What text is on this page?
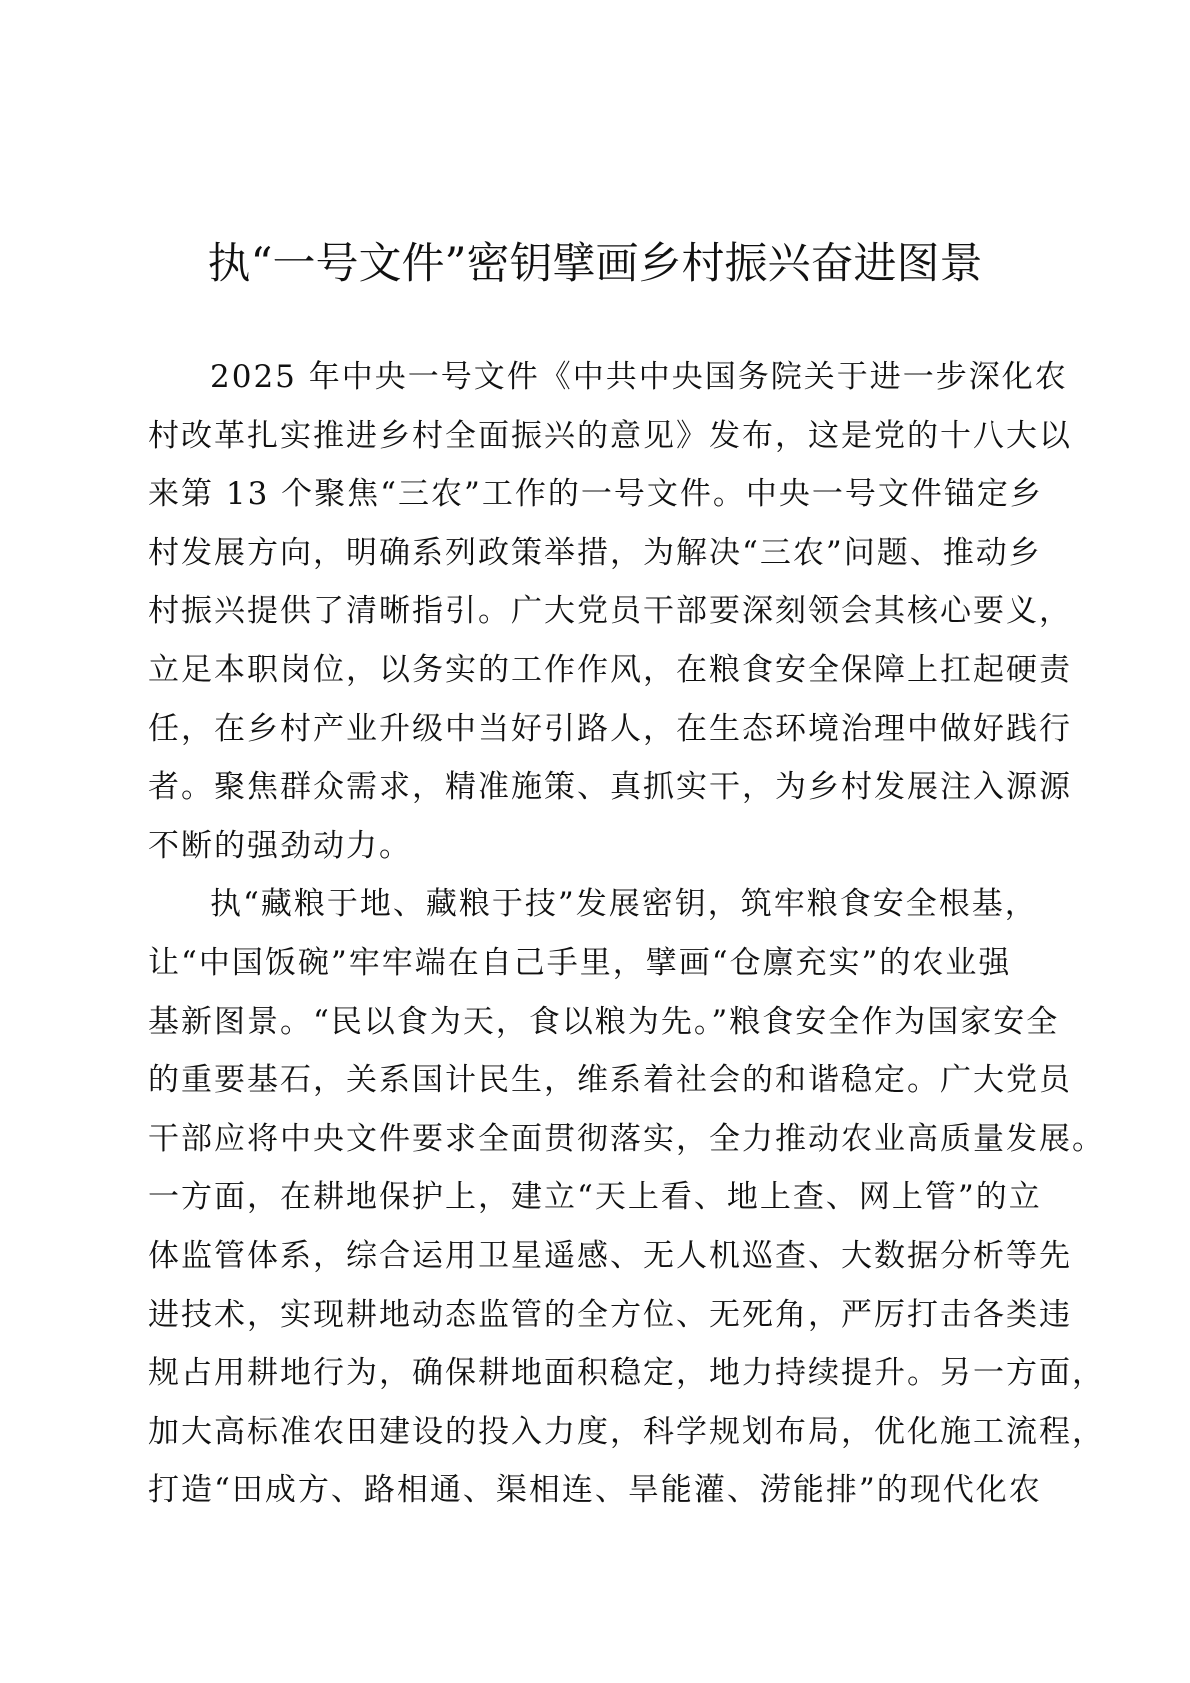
执“一号文件”密钥擘画乡村振兴奋进图景
2025 年中央一号文件《中共中央国务院关于进一步深化农
村改革扎实推进乡村全面振兴的意见》发布，这是党的十八大以
来第 13 个聚焦“三农”工作的一号文件。中央一号文件锚定乡
村发展方向，明确系列政策举措，为解决“三农”问题、推动乡
村振兴提供了清晰指引。广大党员干部要深刻领会其核心要义，
立足本职岗位，以务实的工作作风，在粮食安全保障上扛起硬责
任，在乡村产业升级中当好引路人，在生态环境治理中做好践行
者。聚焦群众需求，精准施策、真抓实干，为乡村发展注入源源
不断的强劲动力。
执“藏粮于地、藏粮于技”发展密钥，筑牢粮食安全根基，
让“中国饭碗”牢牢端在自己手里，擘画“仓廪充实”的农业强
基新图景。“民以食为天，食以粮为先。”粮食安全作为国家安全
的重要基石，关系国计民生，维系着社会的和谐稳定。广大党员
干部应将中央文件要求全面贯彻落实，全力推动农业高质量发展。
一方面，在耕地保护上，建立“天上看、地上查、网上管”的立
体监管体系，综合运用卫星遥感、无人机巡查、大数据分析等先
进技术，实现耕地动态监管的全方位、无死角，严厉打击各类违
规占用耕地行为，确保耕地面积稳定，地力持续提升。另一方面，
加大高标准农田建设的投入力度，科学规划布局，优化施工流程，
打造“田成方、路相通、渠相连、旱能灌、涝能排”的现代化农
